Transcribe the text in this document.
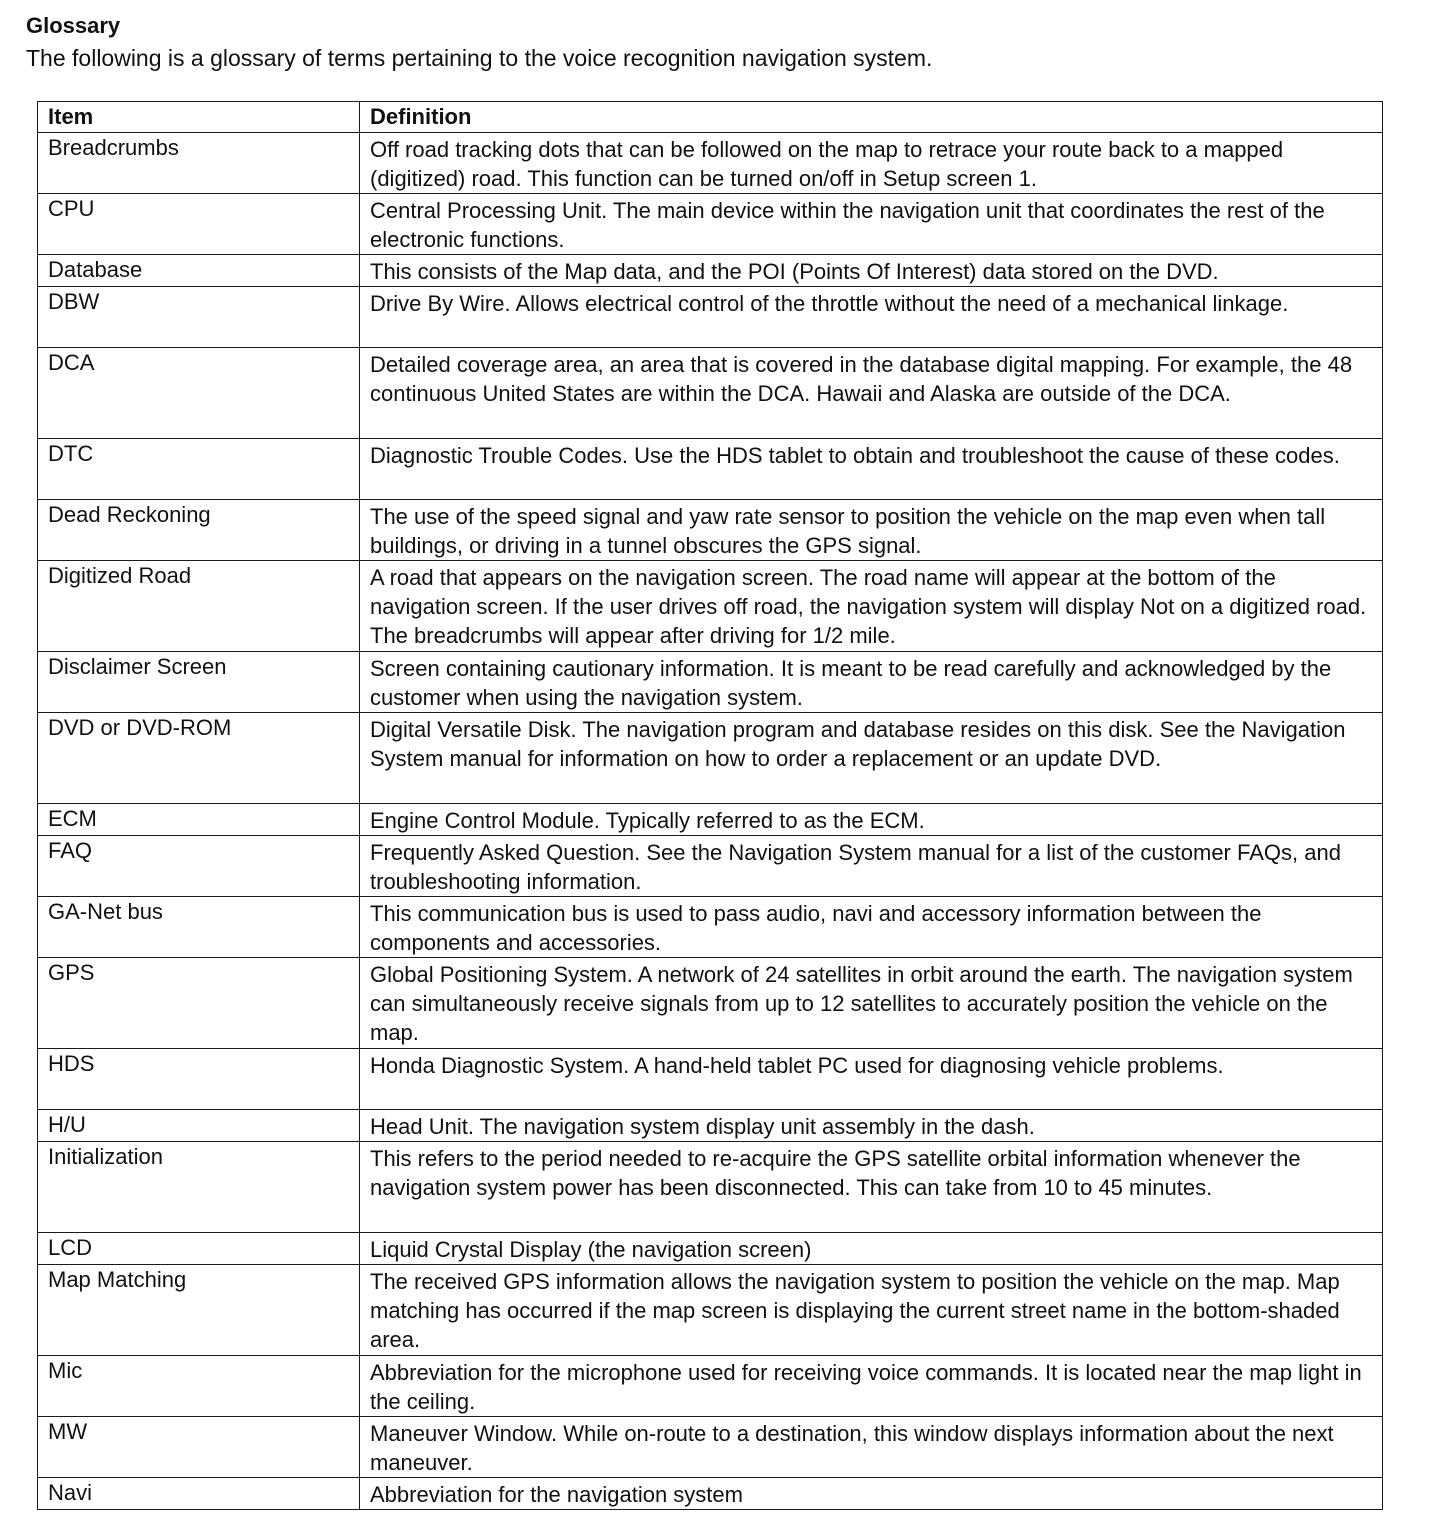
Glossary

The following is a glossary of terms pertaining to the voice recognition navigation system.

Item	Definition
Breadcrumbs	Off road tracking dots that can be followed on the map to retrace your route back to a mapped (digitized) road. This function can be turned on/off in Setup screen 1.
CPU	Central Processing Unit. The main device within the navigation unit that coordinates the rest of the electronic functions.
Database	This consists of the Map data, and the POI (Points Of Interest) data stored on the DVD.
DBW	Drive By Wire. Allows electrical control of the throttle without the need of a mechanical linkage.
DCA	Detailed coverage area, an area that is covered in the database digital mapping. For example, the 48 continuous United States are within the DCA. Hawaii and Alaska are outside of the DCA.
DTC	Diagnostic Trouble Codes. Use the HDS tablet to obtain and troubleshoot the cause of these codes.
Dead Reckoning	The use of the speed signal and yaw rate sensor to position the vehicle on the map even when tall buildings, or driving in a tunnel obscures the GPS signal.
Digitized Road	A road that appears on the navigation screen. The road name will appear at the bottom of the navigation screen. If the user drives off road, the navigation system will display Not on a digitized road. The breadcrumbs will appear after driving for 1/2 mile.
Disclaimer Screen	Screen containing cautionary information. It is meant to be read carefully and acknowledged by the customer when using the navigation system.
DVD or DVD-ROM	Digital Versatile Disk. The navigation program and database resides on this disk. See the Navigation System manual for information on how to order a replacement or an update DVD.
ECM	Engine Control Module. Typically referred to as the ECM.
FAQ	Frequently Asked Question. See the Navigation System manual for a list of the customer FAQs, and troubleshooting information.
GA-Net bus	This communication bus is used to pass audio, navi and accessory information between the components and accessories.
GPS	Global Positioning System. A network of 24 satellites in orbit around the earth. The navigation system can simultaneously receive signals from up to 12 satellites to accurately position the vehicle on the map.
HDS	Honda Diagnostic System. A hand-held tablet PC used for diagnosing vehicle problems.
H/U	Head Unit. The navigation system display unit assembly in the dash.
Initialization	This refers to the period needed to re-acquire the GPS satellite orbital information whenever the navigation system power has been disconnected. This can take from 10 to 45 minutes.
LCD	Liquid Crystal Display (the navigation screen)
Map Matching	The received GPS information allows the navigation system to position the vehicle on the map. Map matching has occurred if the map screen is displaying the current street name in the bottom-shaded area.
Mic	Abbreviation for the microphone used for receiving voice commands. It is located near the map light in the ceiling.
MW	Maneuver Window. While on-route to a destination, this window displays information about the next maneuver.
Navi	Abbreviation for the navigation system
